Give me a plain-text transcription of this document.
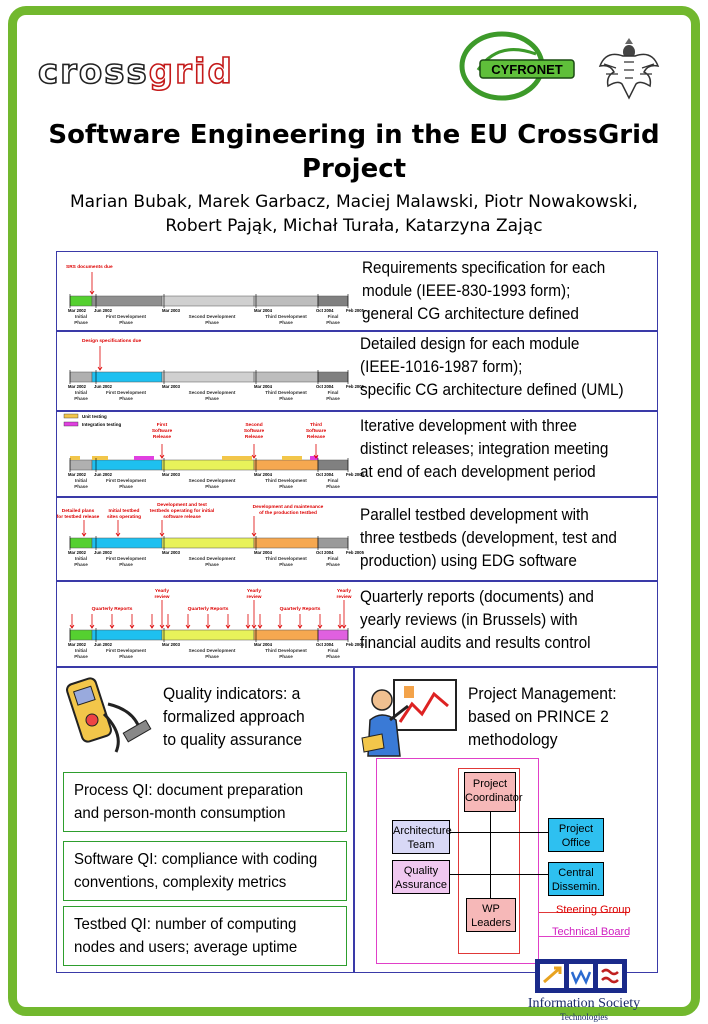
crossgrid	CYFRONET
Software Engineering in the EU CrossGrid Project
Marian Bubak, Marek Garbacz, Maciej Malawski, Piotr Nowakowski,
Robert Pająk, Michał Turała, Katarzyna Zając
Mar 2002 Jun 2002	Mar 2003	Mar 2004	Oct 2004	Feb 2005
Initial
Phase
First Development
Phase
Second Development
Phase
Third Development
Phase
Final
Phase
SRS documents due
Mar 2002 Jun 2002	Mar 2003	Mar 2004	Oct 2004	Feb 2005
Initial
Phase
First Development
Phase
Second Development
Phase
Third Development
Phase
Final
Phase
Design specifications due
Unit testing
Integration testing
Mar 2002 Jun 2002	Mar 2003	Mar 2004	Oct 2004	Feb 2005
Initial
Phase
First Development
Phase
Second Development
Phase
Third Development
Phase
Final
Phase
First
Software
Release
Second
Software
Release
Third
Software
Release
Mar 2002 Jun 2002	Mar 2003	Mar 2004	Oct 2004	Feb 2005
Initial
Phase
First Development
Phase
Second Development
Phase
Third Development
Phase
Final
Phase
Detailed plans
for testbed release
Initial testbed
sites operating
Development and test
testbeds operating for initial
software release
Development and maintenance
of the production testbed
Mar 2002 Jun 2002	Mar 2003	Mar 2004	Oct 2004	Feb 2005
Initial
Phase
First Development
Phase
Second Development
Phase
Third Development
Phase
Final
Phase
Quarterly Reports	Quarterly Reports	Quarterly Reports
Yearly
review
Yearly
review
Yearly
review
Requirements specification for each
module (IEEE-830-1993 form);
general CG architecture defined
Detailed design for each module
(IEEE-1016-1987 form);
specific CG architecture defined (UML)
Iterative development with three
distinct releases; integration meeting
at end of each development period
Parallel testbed development with
three testbeds (development, test and
production) using EDG software
Quarterly reports (documents) and
yearly reviews (in Brussels) with
financial audits and results control
Quality indicators: a
formalized approach
to quality assurance
Process QI: document preparation
and person-month consumption
Software QI: compliance with coding
conventions, complexity metrics
Testbed QI: number of computing
nodes and users; average uptime
Project Management:
based on PRINCE 2
methodology
Project
Coordinator
Architecture
Team
Quality
Assurance
WP
Leaders
Project
Office
Central
Dissemin.
Steering Group
Technical Board
Information Society
Technologies
